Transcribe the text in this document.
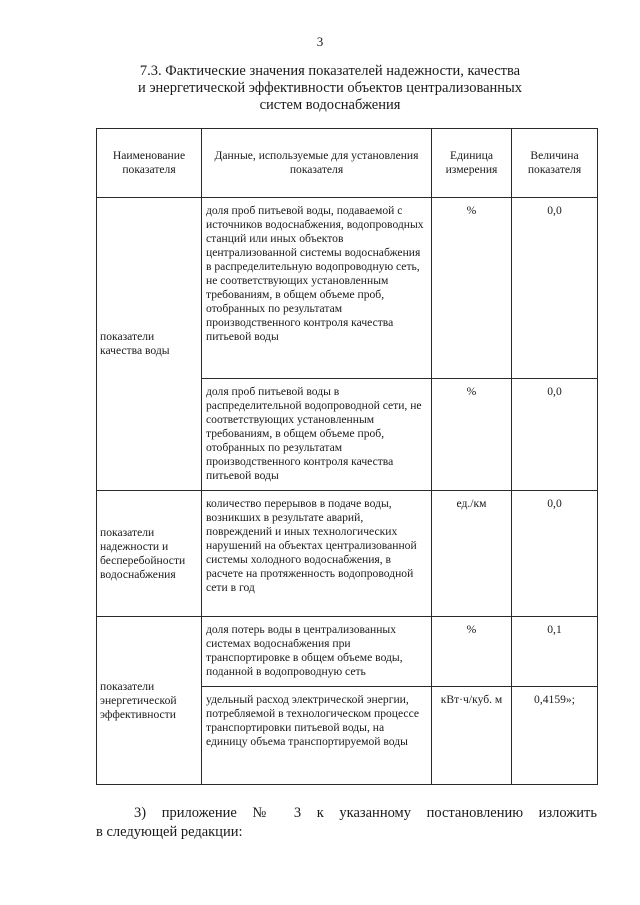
3
7.3. Фактические значения показателей надежности, качества
и энергетической эффективности объектов централизованных
систем водоснабжения
Наименование показателя	Данные, используемые для установления показателя	Единица измерения	Величина показателя
показатели качества воды	доля проб питьевой воды, подаваемой с источников водоснабжения, водопроводных станций или иных объектов централизованной системы водоснабжения в распределительную водопроводную сеть, не соответствующих установленным требованиям, в общем объеме проб, отобранных по результатам производственного контроля качества питьевой воды	%	0,0
	доля проб питьевой воды в распределительной водопроводной сети, не соответствующих установленным требованиям, в общем объеме проб, отобранных по результатам производственного контроля качества питьевой воды	%	0,0
показатели надежности и бесперебойности водоснабжения	количество перерывов в подаче воды, возникших в результате аварий, повреждений и иных технологических нарушений на объектах централизованной системы холодного водоснабжения, в расчете на протяженность водопроводной сети в год	ед./км	0,0
показатели энергетической эффективности	доля потерь воды в централизованных системах водоснабжения при транспортировке в общем объеме воды, поданной в водопроводную сеть	%	0,1
	удельный расход электрической энергии, потребляемой в технологическом процессе транспортировки питьевой воды, на единицу объема транспортируемой воды	кВт·ч/куб. м	0,4159»;
3) приложение № 3 к указанному постановлению изложить
в следующей редакции:
